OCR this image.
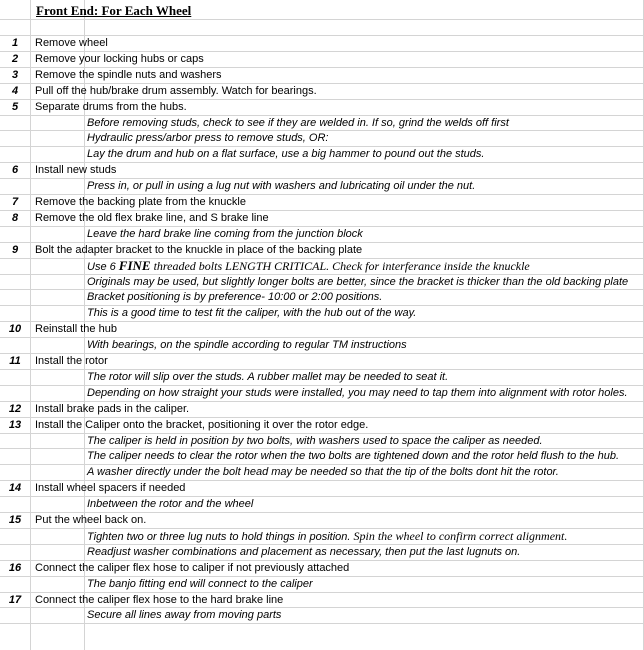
Front End: For Each Wheel
1	Remove wheel
2	Remove your locking hubs or caps
3	Remove the spindle nuts and washers
4	Pull off the hub/brake drum assembly. Watch for bearings.
5	Separate drums from the hubs.
Before removing studs, check to see if they are welded in. If so, grind the welds off first
Hydraulic press/arbor press to remove studs, OR:
Lay the drum and hub on a flat surface, use a big hammer to pound out the studs.
6	Install new studs
Press in, or pull in using a lug nut with washers and lubricating oil under the nut.
7	Remove the backing plate from the knuckle
8	Remove the old flex brake line, and S brake line
Leave the hard brake line coming from the junction block
9	Bolt the adapter bracket to the knuckle in place of the backing plate
Use 6 FINE threaded bolts LENGTH CRITICAL. Check for interferance inside the knuckle
Originals may be used, but slightly longer bolts are better, since the bracket is thicker than the old backing plate
Bracket positioning is by preference- 10:00 or 2:00 positions.
This is a good time to test fit the caliper, with the hub out of the way.
10	Reinstall the hub
With bearings, on the spindle according to regular TM instructions
11	Install the rotor
The rotor will slip over the studs. A rubber mallet may be needed to seat it.
Depending on how straight your studs were installed, you may need to tap them into alignment with rotor holes.
12	Install brake pads in the caliper.
13	Install the Caliper onto the bracket, positioning it over the rotor edge.
The caliper is held in position by two bolts, with washers used to space the caliper as needed.
The caliper needs to clear the rotor when the two bolts are tightened down and the rotor held flush to the hub.
A washer directly under the bolt head may be needed so that the tip of the bolts dont hit the rotor.
14	Install wheel spacers if needed
Inbetween the rotor and the wheel
15	Put the wheel back on.
Tighten two or three lug nuts to hold things in position. Spin the wheel to confirm correct alignment.
Readjust washer combinations and placement as necessary, then put the last lugnuts on.
16	Connect the caliper flex hose to caliper if not previously attached
The banjo fitting end will connect to the caliper
17	Connect the caliper flex hose to the hard brake line
Secure all lines away from moving parts
